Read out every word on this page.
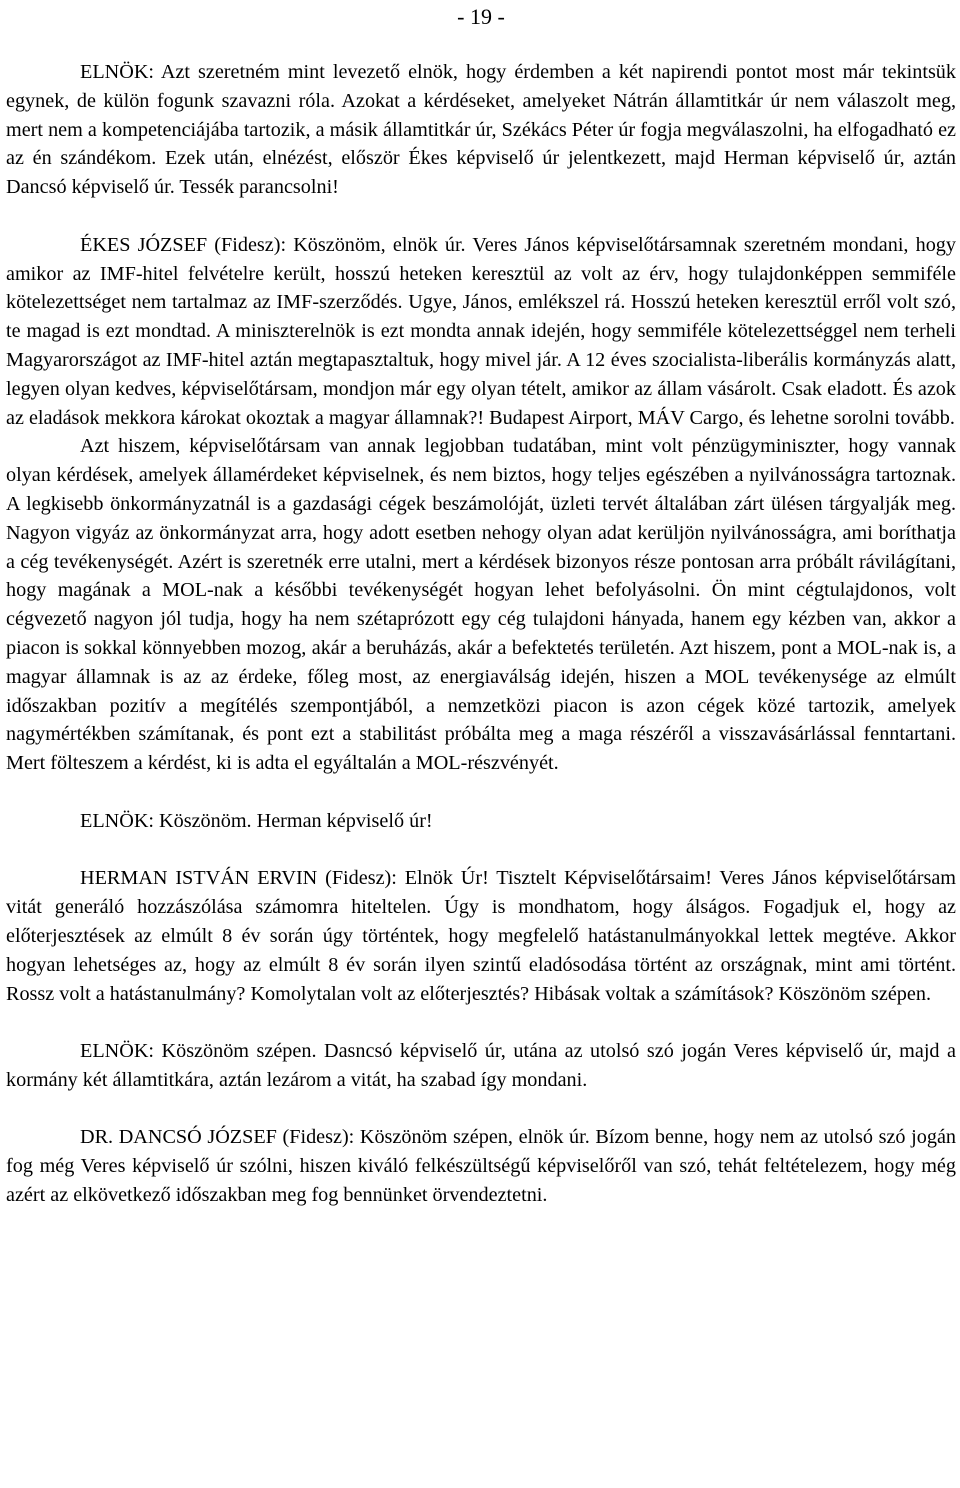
- 19 -

ELNÖK: Azt szeretném mint levezető elnök, hogy érdemben a két napirendi pontot most már tekintsük egynek, de külön fogunk szavazni róla. Azokat a kérdéseket, amelyeket Nátrán államtitkár úr nem válaszolt meg, mert nem a kompetenciájába tartozik, a másik államtitkár úr, Székács Péter úr fogja megválaszolni, ha elfogadható ez az én szándékom. Ezek után, elnézést, először Ékes képviselő úr jelentkezett, majd Herman képviselő úr, aztán Dancsó képviselő úr. Tessék parancsolni!

ÉKES JÓZSEF (Fidesz): Köszönöm, elnök úr. Veres János képviselőtársamnak szeretném mondani, hogy amikor az IMF-hitel felvételre került, hosszú heteken keresztül az volt az érv, hogy tulajdonképpen semmiféle kötelezettséget nem tartalmaz az IMF-szerződés. Ugye, János, emlékszel rá. Hosszú heteken keresztül erről volt szó, te magad is ezt mondtad. A miniszterelnök is ezt mondta annak idején, hogy semmiféle kötelezettséggel nem terheli Magyarországot az IMF-hitel aztán megtapasztaltuk, hogy mivel jár. A 12 éves szocialista-liberális kormányzás alatt, legyen olyan kedves, képviselőtársam, mondjon már egy olyan tételt, amikor az állam vásárolt. Csak eladott. És azok az eladások mekkora károkat okoztak a magyar államnak?! Budapest Airport, MÁV Cargo, és lehetne sorolni tovább.

Azt hiszem, képviselőtársam van annak legjobban tudatában, mint volt pénzügyminiszter, hogy vannak olyan kérdések, amelyek államérdeket képviselnek, és nem biztos, hogy teljes egészében a nyilvánosságra tartoznak. A legkisebb önkormányzatnál is a gazdasági cégek beszámolóját, üzleti tervét általában zárt ülésen tárgyalják meg. Nagyon vigyáz az önkormányzat arra, hogy adott esetben nehogy olyan adat kerüljön nyilvánosságra, ami boríthatja a cég tevékenységét. Azért is szeretnék erre utalni, mert a kérdések bizonyos része pontosan arra próbált rávilágítani, hogy magának a MOL-nak a későbbi tevékenységét hogyan lehet befolyásolni. Ön mint cégtulajdonos, volt cégvezető nagyon jól tudja, hogy ha nem szétaprózott egy cég tulajdoni hányada, hanem egy kézben van, akkor a piacon is sokkal könnyebben mozog, akár a beruházás, akár a befektetés területén. Azt hiszem, pont a MOL-nak is, a magyar államnak is az az érdeke, főleg most, az energiaválság idején, hiszen a MOL tevékenysége az elmúlt időszakban pozitív a megítélés szempontjából, a nemzetközi piacon is azon cégek közé tartozik, amelyek nagymértékben számítanak, és pont ezt a stabilitást próbálta meg a maga részéről a visszavásárlással fenntartani. Mert fölteszem a kérdést, ki is adta el egyáltalán a MOL-részvényét.

ELNÖK: Köszönöm. Herman képviselő úr!

HERMAN ISTVÁN ERVIN (Fidesz): Elnök Úr! Tisztelt Képviselőtársaim! Veres János képviselőtársam vitát generáló hozzászólása számomra hiteltelen. Úgy is mondhatom, hogy álságos. Fogadjuk el, hogy az előterjesztések az elmúlt 8 év során úgy történtek, hogy megfelelő hatástanulmányokkal lettek megtéve. Akkor hogyan lehetséges az, hogy az elmúlt 8 év során ilyen szintű eladósodása történt az országnak, mint ami történt. Rossz volt a hatástanulmány? Komolytalan volt az előterjesztés? Hibásak voltak a számítások? Köszönöm szépen.

ELNÖK: Köszönöm szépen. Dasncsó képviselő úr, utána az utolsó szó jogán Veres képviselő úr, majd a kormány két államtitkára, aztán lezárom a vitát, ha szabad így mondani.

DR. DANCSÓ JÓZSEF (Fidesz): Köszönöm szépen, elnök úr. Bízom benne, hogy nem az utolsó szó jogán fog még Veres képviselő úr szólni, hiszen kiváló felkészültségű képviselőről van szó, tehát feltételezem, hogy még azért az elkövetkező időszakban meg fog bennünket örvendeztetni.
